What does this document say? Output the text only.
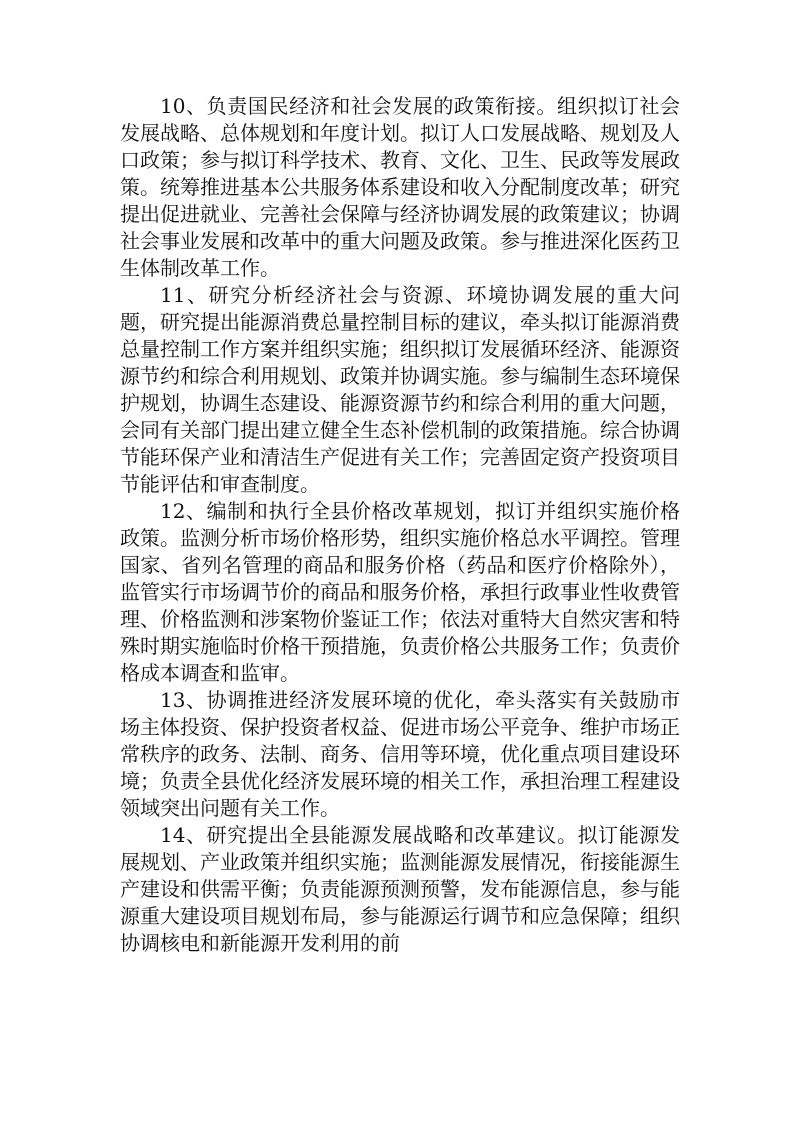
10、负责国民经济和社会发展的政策衔接。组织拟订社会发展战略、总体规划和年度计划。拟订人口发展战略、规划及人口政策；参与拟订科学技术、教育、文化、卫生、民政等发展政策。统筹推进基本公共服务体系建设和收入分配制度改革；研究提出促进就业、完善社会保障与经济协调发展的政策建议；协调社会事业发展和改革中的重大问题及政策。参与推进深化医药卫生体制改革工作。

11、研究分析经济社会与资源、环境协调发展的重大问题，研究提出能源消费总量控制目标的建议，牵头拟订能源消费总量控制工作方案并组织实施；组织拟订发展循环经济、能源资源节约和综合利用规划、政策并协调实施。参与编制生态环境保护规划，协调生态建设、能源资源节约和综合利用的重大问题，会同有关部门提出建立健全生态补偿机制的政策措施。综合协调节能环保产业和清洁生产促进有关工作；完善固定资产投资项目节能评估和审查制度。

12、编制和执行全县价格改革规划，拟订并组织实施价格政策。监测分析市场价格形势，组织实施价格总水平调控。管理国家、省列名管理的商品和服务价格（药品和医疗价格除外），监管实行市场调节价的商品和服务价格，承担行政事业性收费管理、价格监测和涉案物价鉴证工作；依法对重特大自然灾害和特殊时期实施临时价格干预措施，负责价格公共服务工作；负责价格成本调查和监审。

13、协调推进经济发展环境的优化，牵头落实有关鼓励市场主体投资、保护投资者权益、促进市场公平竞争、维护市场正常秩序的政务、法制、商务、信用等环境，优化重点项目建设环境；负责全县优化经济发展环境的相关工作，承担治理工程建设领域突出问题有关工作。

14、研究提出全县能源发展战略和改革建议。拟订能源发展规划、产业政策并组织实施；监测能源发展情况，衔接能源生产建设和供需平衡；负责能源预测预警，发布能源信息，参与能源重大建设项目规划布局，参与能源运行调节和应急保障；组织协调核电和新能源开发利用的前
